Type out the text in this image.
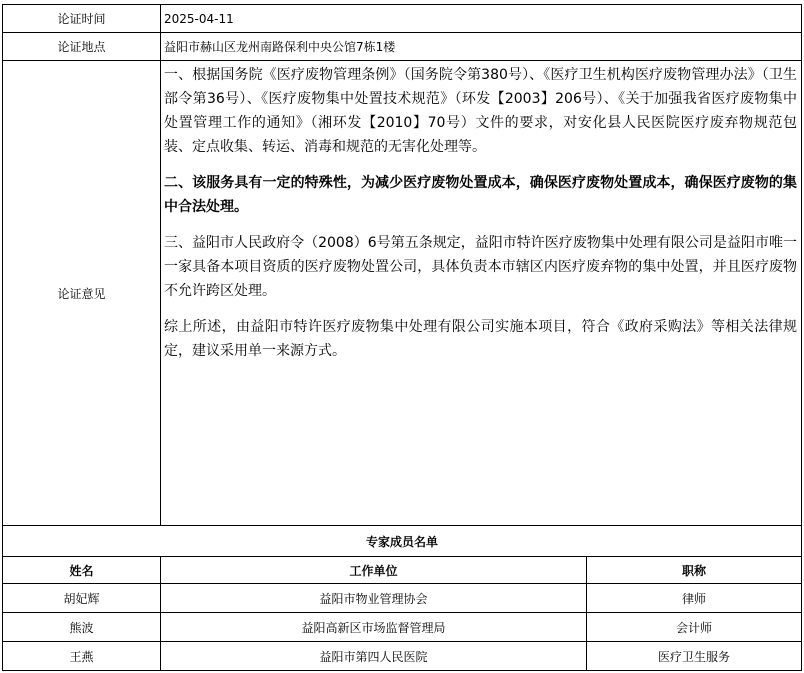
论证时间	2025-04-11	
论证地点	益阳市赫山区龙州南路保利中央公馆7栋1楼	
论证意见	一、根据国务院《医疗废物管理条例》（国务院令第380号）、《医疗卫生机构医疗废物管理办法》（卫生部令第36号）、《医疗废物集中处置技术规范》（环发【2003】206号）、《关于加强我省医疗废物集中处置管理工作的通知》（湘环发【2010】70号）文件的要求，对安化县人民医院医疗废弃物规范包装、定点收集、转运、消毒和规范的无害化处理等。

二、该服务具有一定的特殊性，为减少医疗废物处置成本，确保医疗废物处置成本，确保医疗废物的集中合法处理。

三、益阳市人民政府令（2008）6号第五条规定，益阳市特许医疗废物集中处理有限公司是益阳市唯一一家具备本项目资质的医疗废物处置公司，具体负责本市辖区内医疗废弃物的集中处置，并且医疗废物不允许跨区处理。

综上所述，由益阳市特许医疗废物集中处理有限公司实施本项目，符合《政府采购法》等相关法律规定，建议采用单一来源方式。	

专家成员名单		
姓名	工作单位	职称
胡妃辉	益阳市物业管理协会	律师
熊波	益阳高新区市场监督管理局	会计师
王燕	益阳市第四人民医院	医疗卫生服务
